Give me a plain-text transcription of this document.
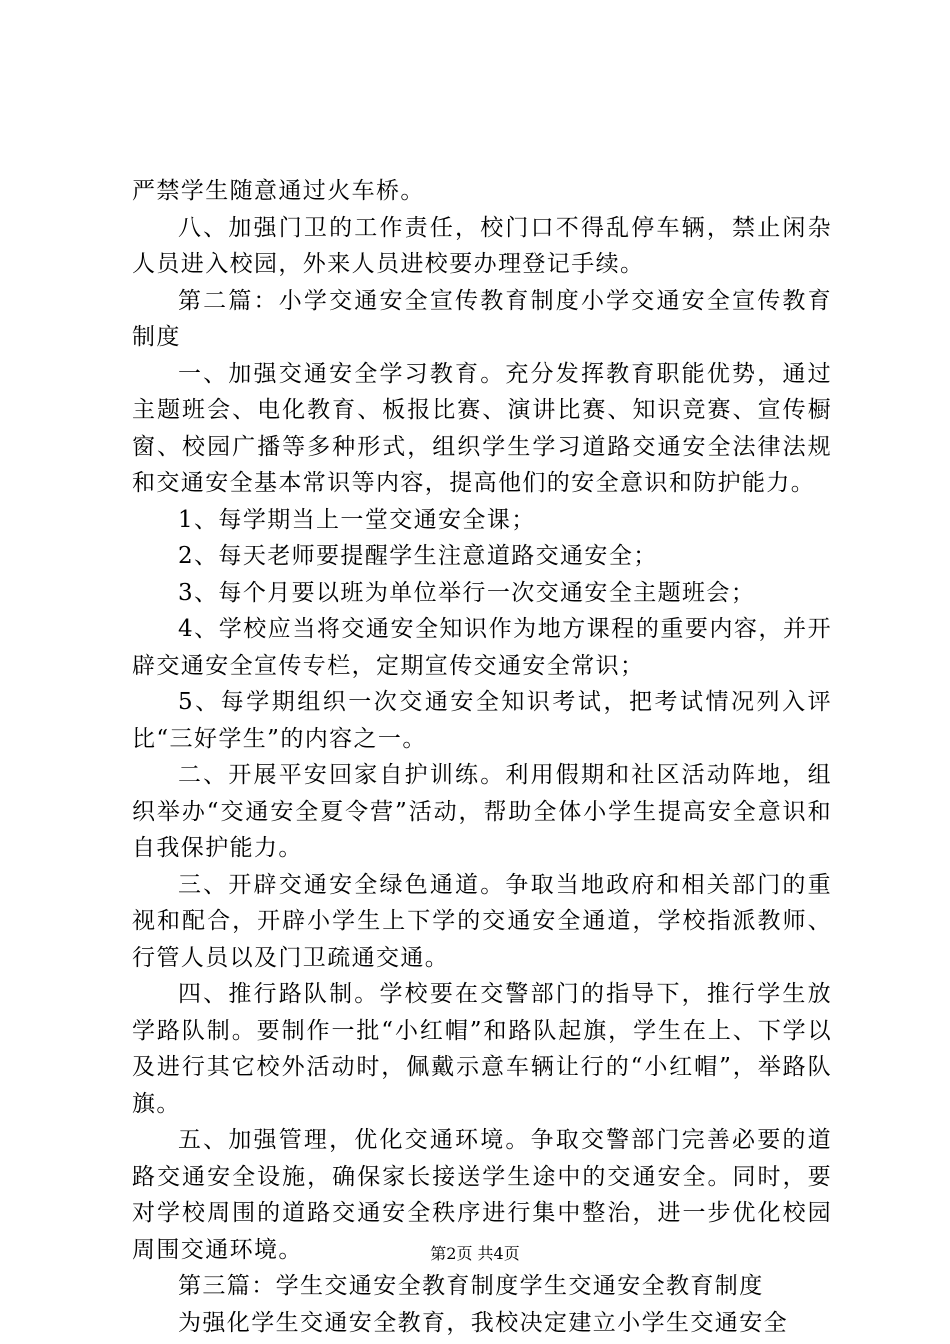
严禁学生随意通过火车桥。

八、加强门卫的工作责任，校门口不得乱停车辆，禁止闲杂人员进入校园，外来人员进校要办理登记手续。

第二篇：小学交通安全宣传教育制度小学交通安全宣传教育制度

一、加强交通安全学习教育。充分发挥教育职能优势，通过主题班会、电化教育、板报比赛、演讲比赛、知识竞赛、宣传橱窗、校园广播等多种形式，组织学生学习道路交通安全法律法规和交通安全基本常识等内容，提高他们的安全意识和防护能力。

1、每学期当上一堂交通安全课；

2、每天老师要提醒学生注意道路交通安全；

3、每个月要以班为单位举行一次交通安全主题班会；

4、学校应当将交通安全知识作为地方课程的重要内容，并开辟交通安全宣传专栏，定期宣传交通安全常识；

5、每学期组织一次交通安全知识考试，把考试情况列入评比“三好学生”的内容之一。

二、开展平安回家自护训练。利用假期和社区活动阵地，组织举办“交通安全夏令营”活动，帮助全体小学生提高安全意识和自我保护能力。

三、开辟交通安全绿色通道。争取当地政府和相关部门的重视和配合，开辟小学生上下学的交通安全通道，学校指派教师、行管人员以及门卫疏通交通。

四、推行路队制。学校要在交警部门的指导下，推行学生放学路队制。要制作一批“小红帽”和路队起旗，学生在上、下学以及进行其它校外活动时，佩戴示意车辆让行的“小红帽”，举路队旗。

五、加强管理，优化交通环境。争取交警部门完善必要的道路交通安全设施，确保家长接送学生途中的交通安全。同时，要对学校周围的道路交通安全秩序进行集中整治，进一步优化校园周围交通环境。

第三篇：学生交通安全教育制度学生交通安全教育制度

为强化学生交通安全教育，我校决定建立小学生交通安全

第2页 共4页
